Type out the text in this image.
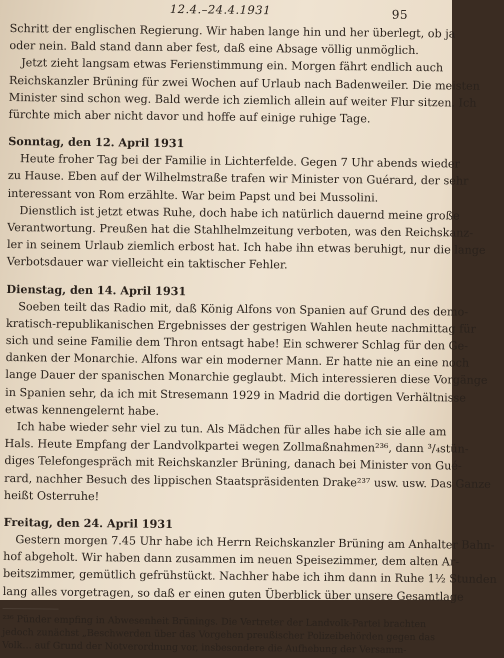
12.4.–24.4.1931	95

Schritt der englischen Regierung. Wir haben lange hin und her überlegt, ob ja
oder nein. Bald stand dann aber fest, daß eine Absage völlig unmöglich.
Jetzt zieht langsam etwas Ferienstimmung ein. Morgen fährt endlich auch
Reichskanzler Brüning für zwei Wochen auf Urlaub nach Badenweiler. Die meisten
Minister sind schon weg. Bald werde ich ziemlich allein auf weiter Flur sitzen. Ich
fürchte mich aber nicht davor und hoffe auf einige ruhige Tage.

Sonntag, den 12. April 1931

Heute froher Tag bei der Familie in Lichterfelde. Gegen 7 Uhr abends wieder
zu Hause. Eben auf der Wilhelmstraße trafen wir Minister von Guérard, der sehr
interessant von Rom erzählte. War beim Papst und bei Mussolini.
Dienstlich ist jetzt etwas Ruhe, doch habe ich natürlich dauernd meine große
Verantwortung. Preußen hat die Stahlhelmzeitung verboten, was den Reichskanz-
ler in seinem Urlaub ziemlich erbost hat. Ich habe ihn etwas beruhigt, nur die lange
Verbotsdauer war vielleicht ein taktischer Fehler.

Dienstag, den 14. April 1931

Soeben teilt das Radio mit, daß König Alfons von Spanien auf Grund des demo-
kratisch-republikanischen Ergebnisses der gestrigen Wahlen heute nachmittag für
sich und seine Familie dem Thron entsagt habe! Ein schwerer Schlag für den Ge-
danken der Monarchie. Alfons war ein moderner Mann. Er hatte nie an eine noch
lange Dauer der spanischen Monarchie geglaubt. Mich interessieren diese Vorgänge
in Spanien sehr, da ich mit Stresemann 1929 in Madrid die dortigen Verhältnisse
etwas kennengelernt habe.
Ich habe wieder sehr viel zu tun. Als Mädchen für alles habe ich sie alle am
Hals. Heute Empfang der Landvolkpartei wegen Zollmaßnahmen²³⁶, dann ³/₄stün-
diges Telefongespräch mit Reichskanzler Brüning, danach bei Minister von Gué-
rard, nachher Besuch des lippischen Staatspräsidenten Drake²³⁷ usw. usw. Das Ganze
heißt Osterruhe!

Freitag, den 24. April 1931

Gestern morgen 7.45 Uhr habe ich Herrn Reichskanzler Brüning am Anhalter Bahn-
hof abgeholt. Wir haben dann zusammen im neuen Speisezimmer, dem alten Ar-
beitszimmer, gemütlich gefrühstückt. Nachher habe ich ihm dann in Ruhe 1½ Stunden
lang alles vorgetragen, so daß er einen guten Überblick über unsere Gesamtlage

²³⁶ Pünder empfing in Abwesenheit Brünings. Die Vertreter der Landvolk-Partei brachten
jedoch zunächst „Beschwerden über das Vorgehen preußischer Polizeibehörden gegen das
Volk… auf Grund der Notverordnung vor, insbesondere die Aufhebung der Versamm-
